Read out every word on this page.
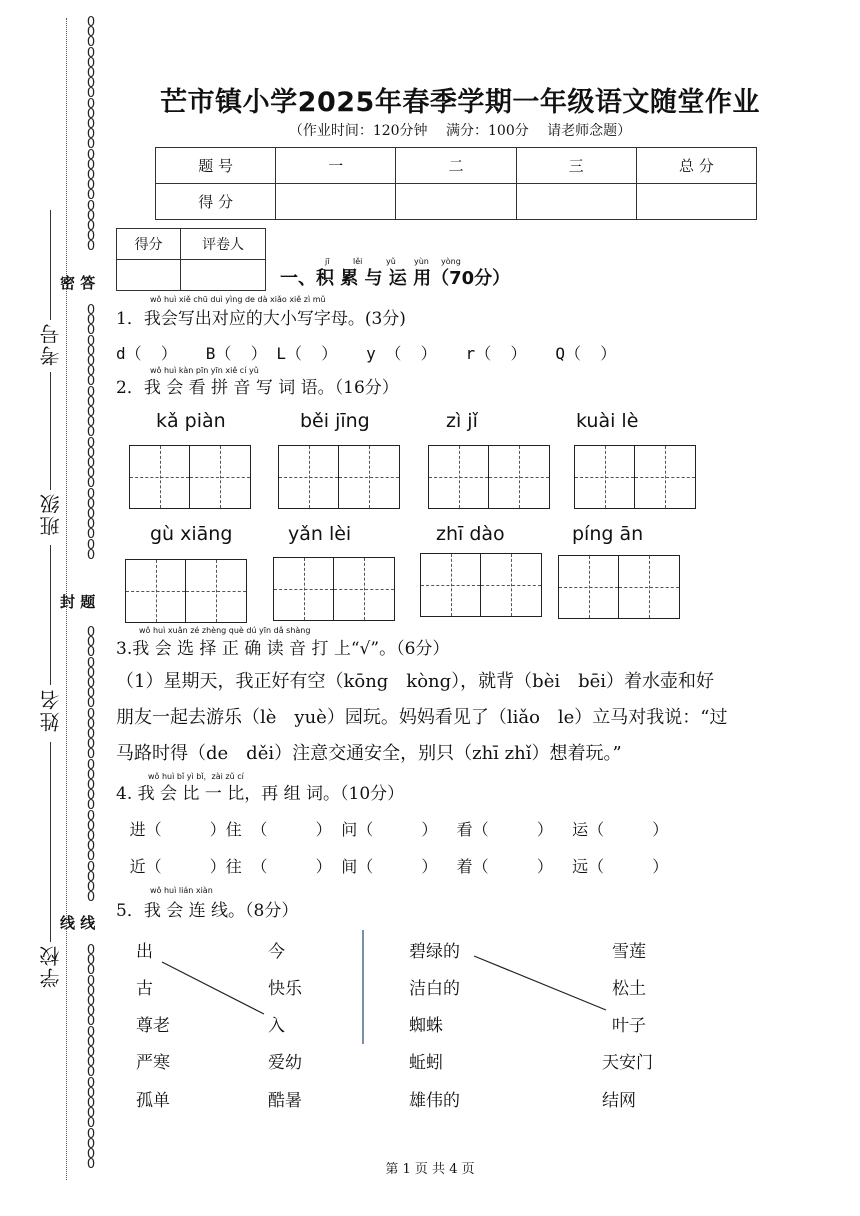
0
0
0
0
0
0
0
0
0
0
0
0
0
0
0
0
0
0
0
0
0
0
0
0
0
0
0
0
0
0
0
0
0
0
0
0
0
0
0
0
0
0
0
0
0
0
0
0
0
0
0
0
0
0
0
0
0
0
0
0
0
0
0
0
0
0
0
0
0
0
0
0
0
0
0
0
0
0
0
0
0
0
0
0
0
0
0
0
0
0
0
0
0
0
0
0
0
考号
班级
姓名
学校
密 答
封 题
线 线
芒市镇小学2025年春季学期一年级语文随堂作业
（作业时间：120分钟　 满分：100分　 请老师念题）
题 号	一	二	三	总 分
得 分				
得分	评卷人

jī	lěi	yǔ yùn yòng
一、积 累 与 运 用（70分）
wǒ huì xiě chū duì yìng de dà xiǎo xiě zì mǔ
1．我会写出对应的大小写字母。(3分)
d（  ）   B（  ） L（  ）   y （  ）   r（  ）   Q（  ）
wǒ huì kàn pīn yīn xiě cí yǔ
2．我 会 看 拼 音 写 词 语。（16分）
kǎ piàn	běi jīng	zì jǐ	kuài lè
gù xiāng	yǎn lèi	zhī dào	píng ān
wǒ huì xuǎn zé zhèng què dú yīn dǎ shàng
3.我 会 选 择 正 确 读 音 打 上“√”。（6分）
（1）星期天，我正好有空（kōng　kòng），就背（bèi　bēi）着水壶和好
朋友一起去游乐（lè　yuè）园玩。妈妈看见了（liǎo　le）立马对我说：“过
马路时得（de　děi）注意交通安全，别只（zhī zhǐ）想着玩。”
wǒ huì bǐ yì bǐ，zài zǔ cí
4. 我 会 比 一 比，再 组 词。（10分）
进（     ）住 （     ） 问（     ）  看（     ）  运（     ）
近（     ）往 （     ） 间（     ）  着（     ）  远（     ）
wǒ huì lián xiàn
5．我 会 连 线。（8分）
出
古
尊老
严寒
孤单
今
快乐
入
爱幼
酷暑
碧绿的
洁白的
蜘蛛
蚯蚓
雄伟的
雪莲
松土
叶子
天安门
结网
第 1 页 共 4 页
